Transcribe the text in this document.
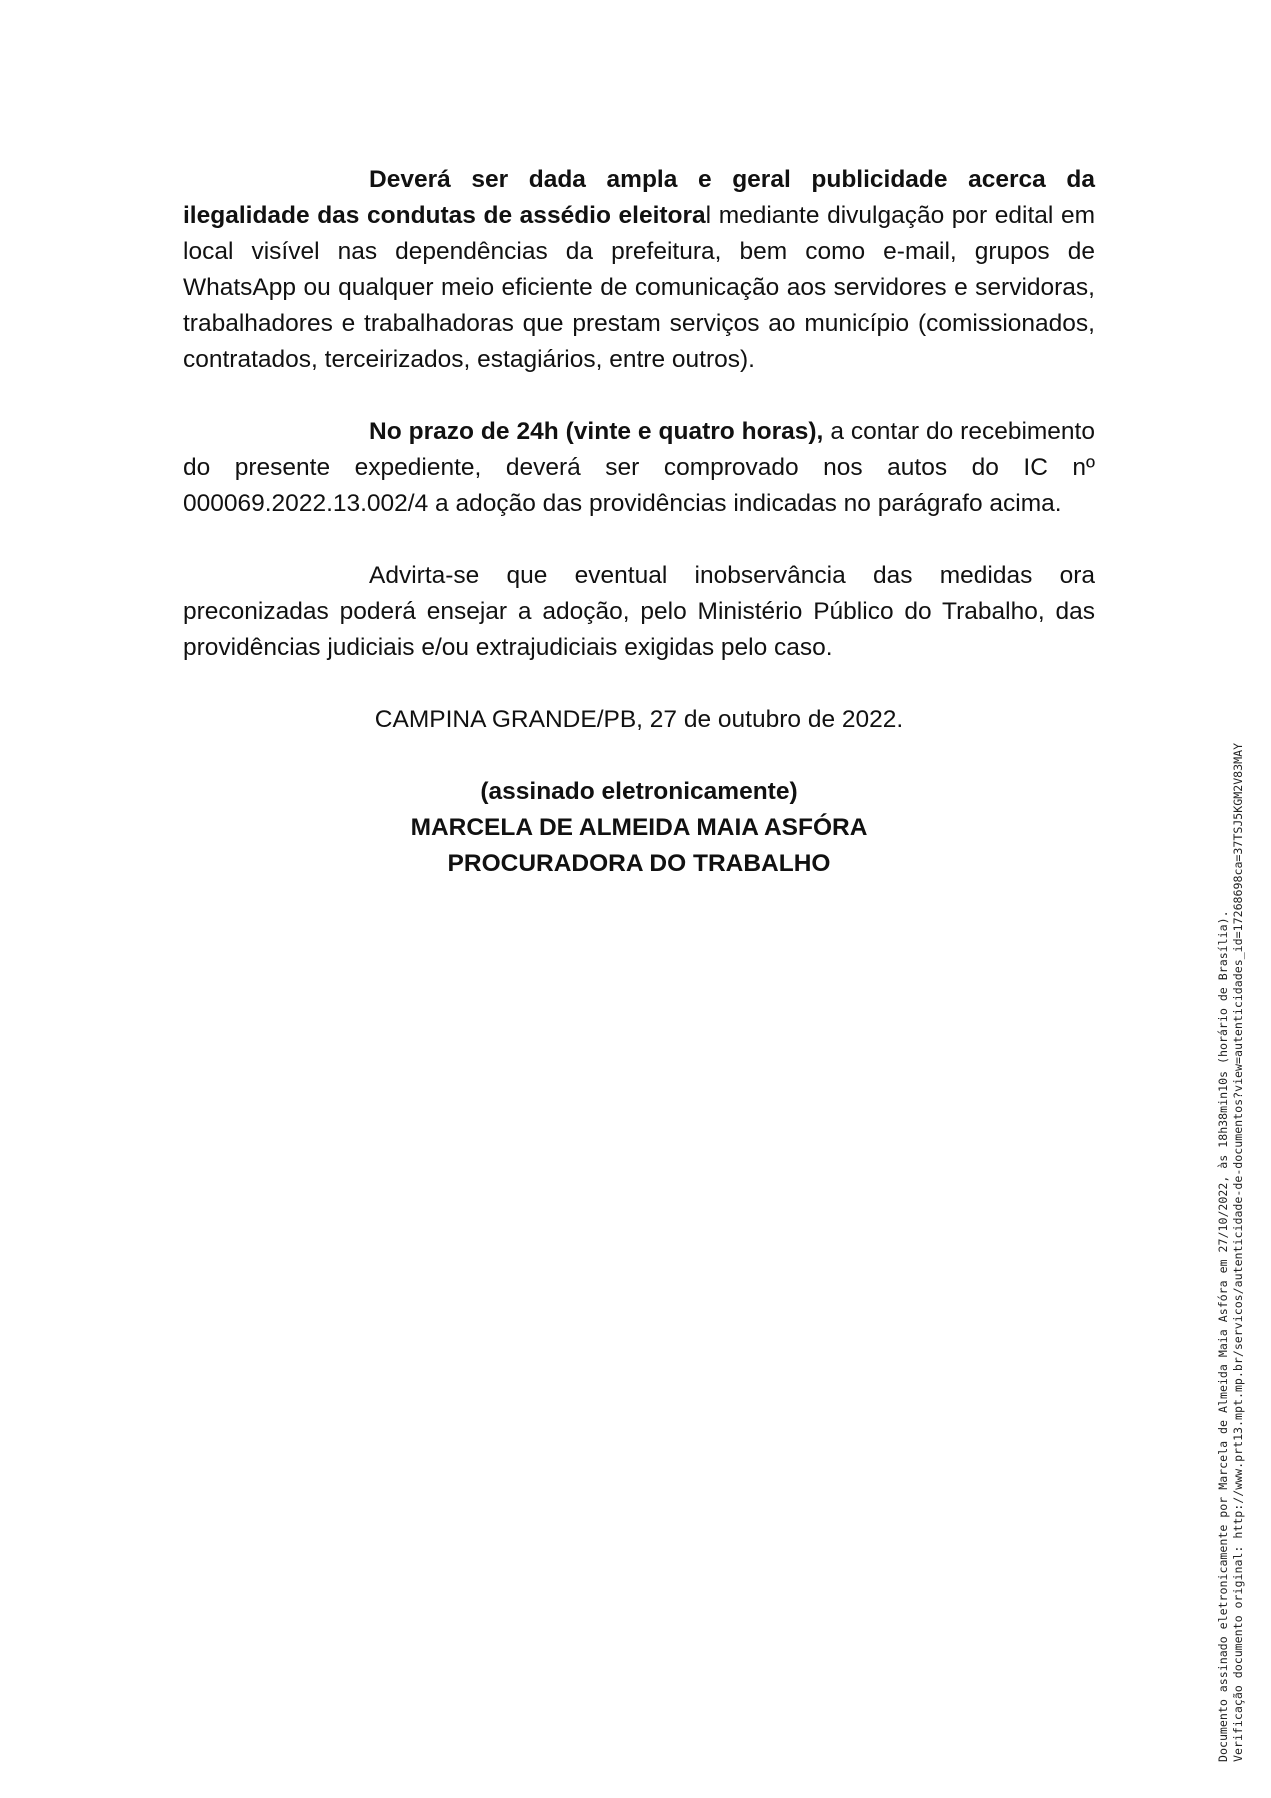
Deverá ser dada ampla e geral publicidade acerca da ilegalidade das condutas de assédio eleitoral mediante divulgação por edital em local visível nas dependências da prefeitura, bem como e-mail, grupos de WhatsApp ou qualquer meio eficiente de comunicação aos servidores e servidoras, trabalhadores e trabalhadoras que prestam serviços ao município (comissionados, contratados, terceirizados, estagiários, entre outros).

No prazo de 24h (vinte e quatro horas), a contar do recebimento do presente expediente, deverá ser comprovado nos autos do IC nº 000069.2022.13.002/4 a adoção das providências indicadas no parágrafo acima.

Advirta-se que eventual inobservância das medidas ora preconizadas poderá ensejar a adoção, pelo Ministério Público do Trabalho, das providências judiciais e/ou extrajudiciais exigidas pelo caso.

CAMPINA GRANDE/PB, 27 de outubro de 2022.
(assinado eletronicamente)
MARCELA DE ALMEIDA MAIA ASFÓRA
PROCURADORA DO TRABALHO
Documento assinado eletronicamente por Marcela de Almeida Maia Asfóra em 27/10/2022, às 18h38min10s (horário de Brasília). Verificação documento original: http://www.prt13.mpt.mp.br/servicos/autenticidade-de-documentos?view=autenticidades_id=17268698ca=37TSJ5KGM2V83MAY
